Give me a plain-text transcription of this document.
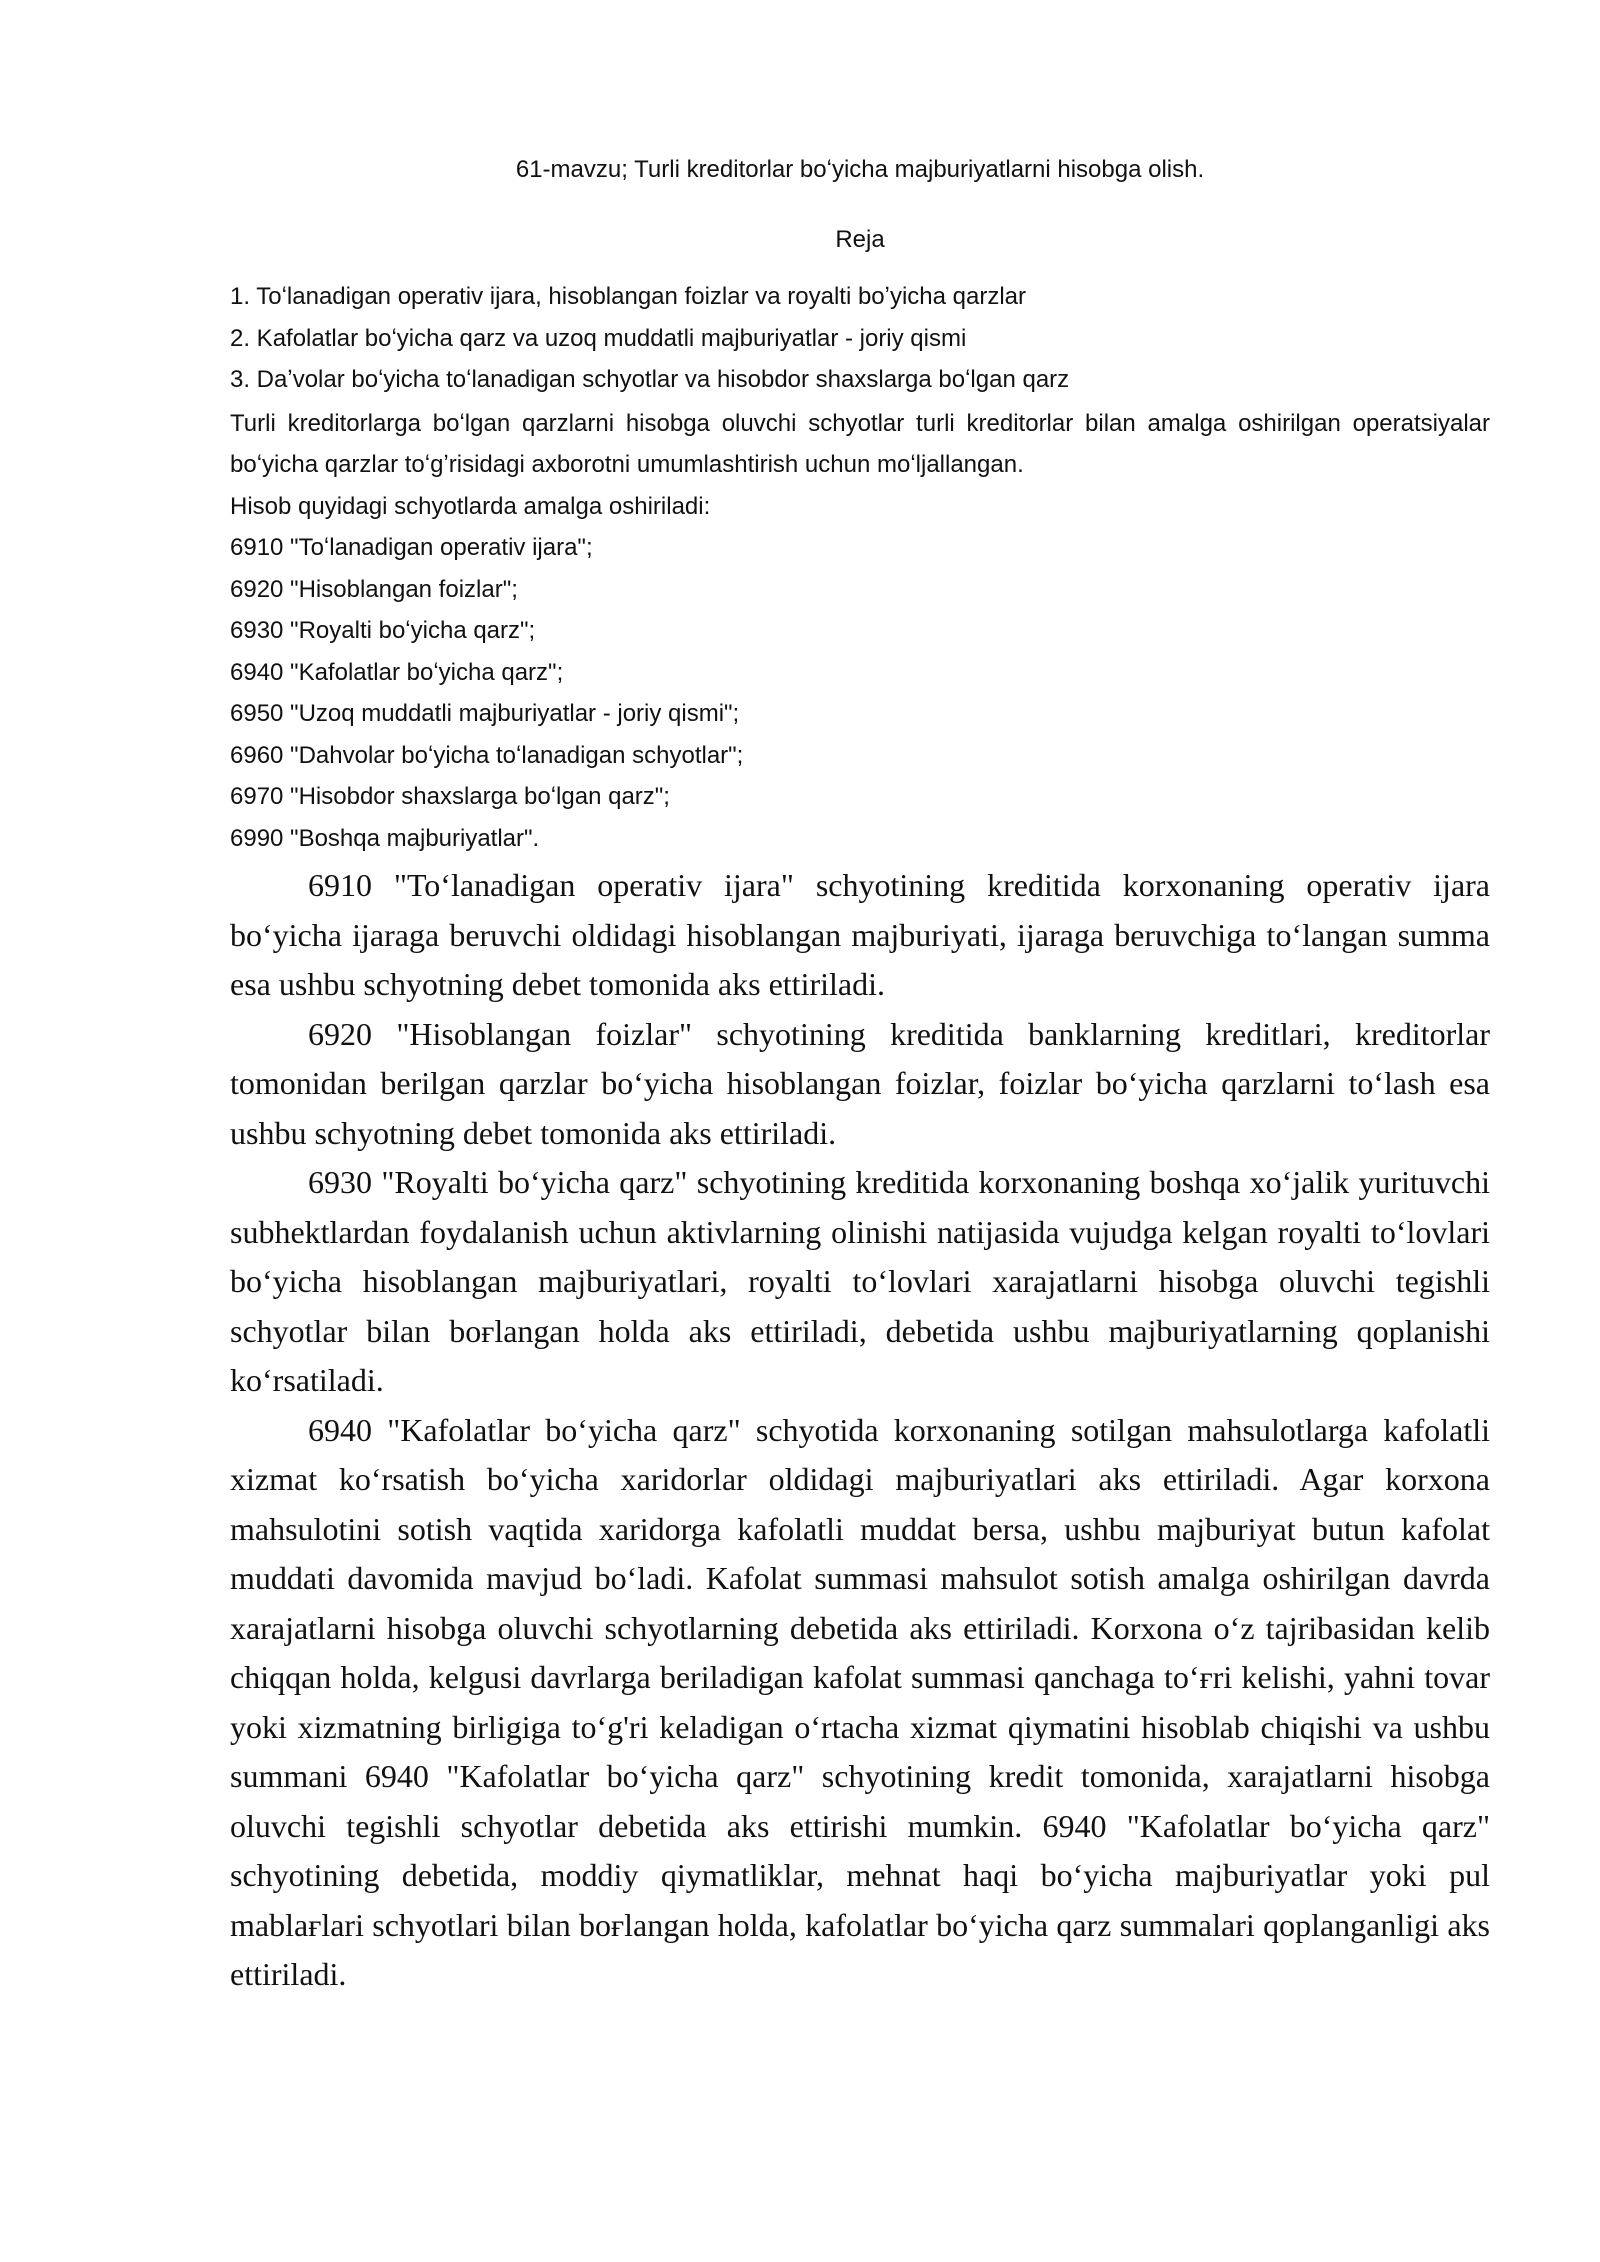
61-mavzu; Turli kreditorlar boʻyicha majburiyatlarni hisobga olish.

Reja

1. Toʻlanadigan operativ ijara, hisoblangan foizlar va royalti boʼyicha qarzlar

2. Kafolatlar boʻyicha qarz va uzoq muddatli majburiyatlar - joriy qismi

3. Daʼvolar boʻyicha toʻlanadigan schyotlar va hisobdor shaxslarga boʻlgan qarz

Turli kreditorlarga boʻlgan qarzlarni hisobga oluvchi schyotlar turli kreditorlar bilan amalga oshirilgan operatsiyalar boʻyicha qarzlar toʻgʼrisidagi axborotni umumlashtirish uchun moʻljallangan.

Hisob quyidagi schyotlarda amalga oshiriladi:

6910 "Toʻlanadigan operativ ijara";

6920 "Hisoblangan foizlar";

6930 "Royalti boʻyicha qarz";

6940 "Kafolatlar boʻyicha qarz";

6950 "Uzoq muddatli majburiyatlar - joriy qismi";

6960 "Dahvolar boʻyicha toʻlanadigan schyotlar";

6970 "Hisobdor shaxslarga boʻlgan qarz";

6990 "Boshqa majburiyatlar".

6910 "Toʻlanadigan operativ ijara" schyotining kreditida korxonaning operativ ijara boʻyicha ijaraga beruvchi oldidagi hisoblangan majburiyati, ijaraga beruvchiga toʻlangan summa esa ushbu schyotning debet tomonida aks ettiriladi.

6920 "Hisoblangan foizlar" schyotining kreditida banklarning kreditlari, kreditorlar tomonidan berilgan qarzlar boʻyicha hisoblangan foizlar, foizlar boʻyicha qarzlarni toʻlash esa ushbu schyotning debet tomonida aks ettiriladi.

6930 "Royalti boʻyicha qarz" schyotining kreditida korxonaning boshqa xoʻjalik yurituvchi subhektlardan foydalanish uchun aktivlarning olinishi natijasida vujudga kelgan royalti toʻlovlari boʻyicha hisoblangan majburiyatlari, royalti toʻlovlari xarajatlarni hisobga oluvchi tegishli schyotlar bilan boғlangan holda aks ettiriladi, debetida ushbu majburiyatlarning qoplanishi koʻrsatiladi.

6940 "Kafolatlar boʻyicha qarz" schyotida korxonaning sotilgan mahsulotlarga kafolatli xizmat koʻrsatish boʻyicha xaridorlar oldidagi majburiyatlari aks ettiriladi. Agar korxona mahsulotini sotish vaqtida xaridorga kafolatli muddat bersa, ushbu majburiyat butun kafolat muddati davomida mavjud boʻladi. Kafolat summasi mahsulot sotish amalga oshirilgan davrda xarajatlarni hisobga oluvchi schyotlarning debetida aks ettiriladi. Korxona oʻz tajribasidan kelib chiqqan holda, kelgusi davrlarga beriladigan kafolat summasi qanchaga toʻғri kelishi, yahni tovar yoki xizmatning birligiga toʻg'ri keladigan oʻrtacha xizmat qiymatini hisoblab chiqishi va ushbu summani 6940 "Kafolatlar boʻyicha qarz" schyotining kredit tomonida, xarajatlarni hisobga oluvchi tegishli schyotlar debetida aks ettirishi mumkin. 6940 "Kafolatlar boʻyicha qarz" schyotining debetida, moddiy qiymatliklar, mehnat haqi boʻyicha majburiyatlar yoki pul mablaғlari schyotlari bilan boғlangan holda, kafolatlar boʻyicha qarz summalari qoplanganligi aks ettiriladi.
